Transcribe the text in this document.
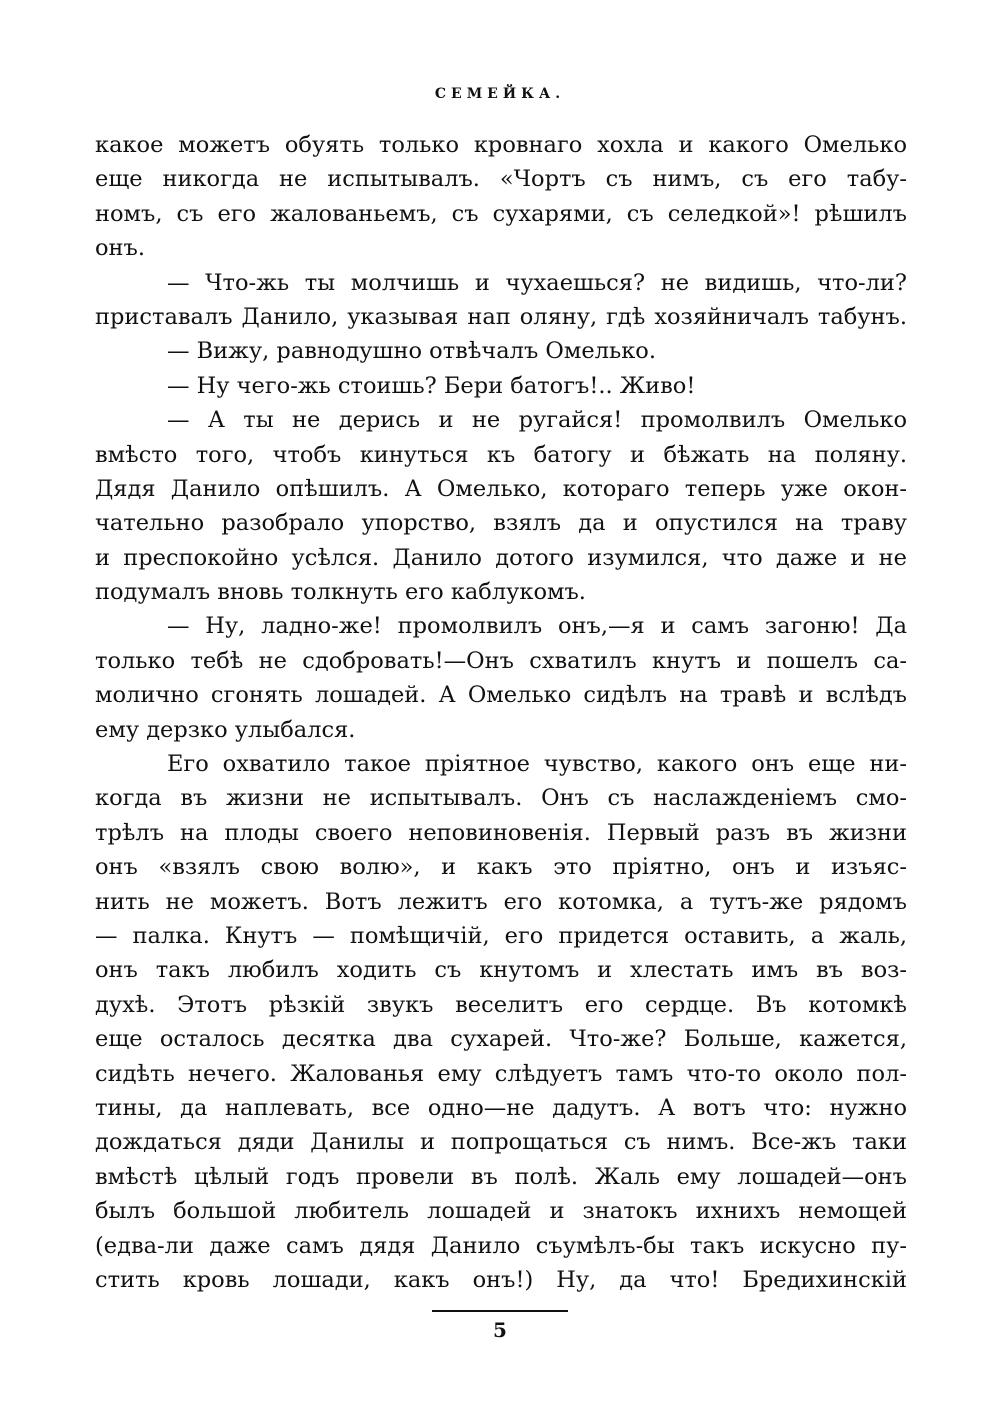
СЕМЕЙКА.
какое можетъ обуять только кровнаго хохла и какого Омелько
еще никогда не испытывалъ. «Чортъ съ нимъ, съ его табу-
номъ, съ его жалованьемъ, съ сухарями, съ селедкой»! рѣшилъ
онъ.
— Что-жь ты молчишь и чухаешься? не видишь, что-ли?
приставалъ Данило, указывая нап оляну, гдѣ хозяйничалъ табунъ.
— Вижу, равнодушно отвѣчалъ Омелько.
— Ну чего-жь стоишь? Бери батогъ!.. Живо!
— А ты не дерись и не ругайся! промолвилъ Омелько
вмѣсто того, чтобъ кинуться къ батогу и бѣжать на поляну.
Дядя Данило опѣшилъ. А Омелько, котораго теперь уже окон-
чательно разобрало упорство, взялъ да и опустился на траву
и преспокойно усѣлся. Данило дотого изумился, что даже и не
подумалъ вновь толкнуть его каблукомъ.
— Ну, ладно-же! промолвилъ онъ,—я и самъ загоню! Да
только тебѣ не сдобровать!—Онъ схватилъ кнутъ и пошелъ са-
молично сгонять лошадей. А Омелько сидѣлъ на травѣ и вслѣдъ
ему дерзко улыбался.
Его охватило такое пріятное чувство, какого онъ еще ни-
когда въ жизни не испытывалъ. Онъ съ наслажденіемъ смо-
трѣлъ на плоды своего неповиновенія. Первый разъ въ жизни
онъ «взялъ свою волю», и какъ это пріятно, онъ и изъяс-
нить не можетъ. Вотъ лежитъ его котомка, а тутъ-же рядомъ
— палка. Кнутъ — помѣщичій, его придется оставить, а жаль,
онъ такъ любилъ ходить съ кнутомъ и хлестать имъ въ воз-
духѣ. Этотъ рѣзкій звукъ веселитъ его сердце. Въ котомкѣ
еще осталось десятка два сухарей. Что-же? Больше, кажется,
сидѣть нечего. Жалованья ему слѣдуетъ тамъ что-то около пол-
тины, да наплевать, все одно—не дадутъ. А вотъ что: нужно
дождаться дяди Данилы и попрощаться съ нимъ. Все-жъ таки
вмѣстѣ цѣлый годъ провели въ полѣ. Жаль ему лошадей—онъ
былъ большой любитель лошадей и знатокъ ихнихъ немощей
(едва-ли даже самъ дядя Данило съумѣлъ-бы такъ искусно пу-
стить кровь лошади, какъ онъ!) Ну, да что! Бредихинскій
5
